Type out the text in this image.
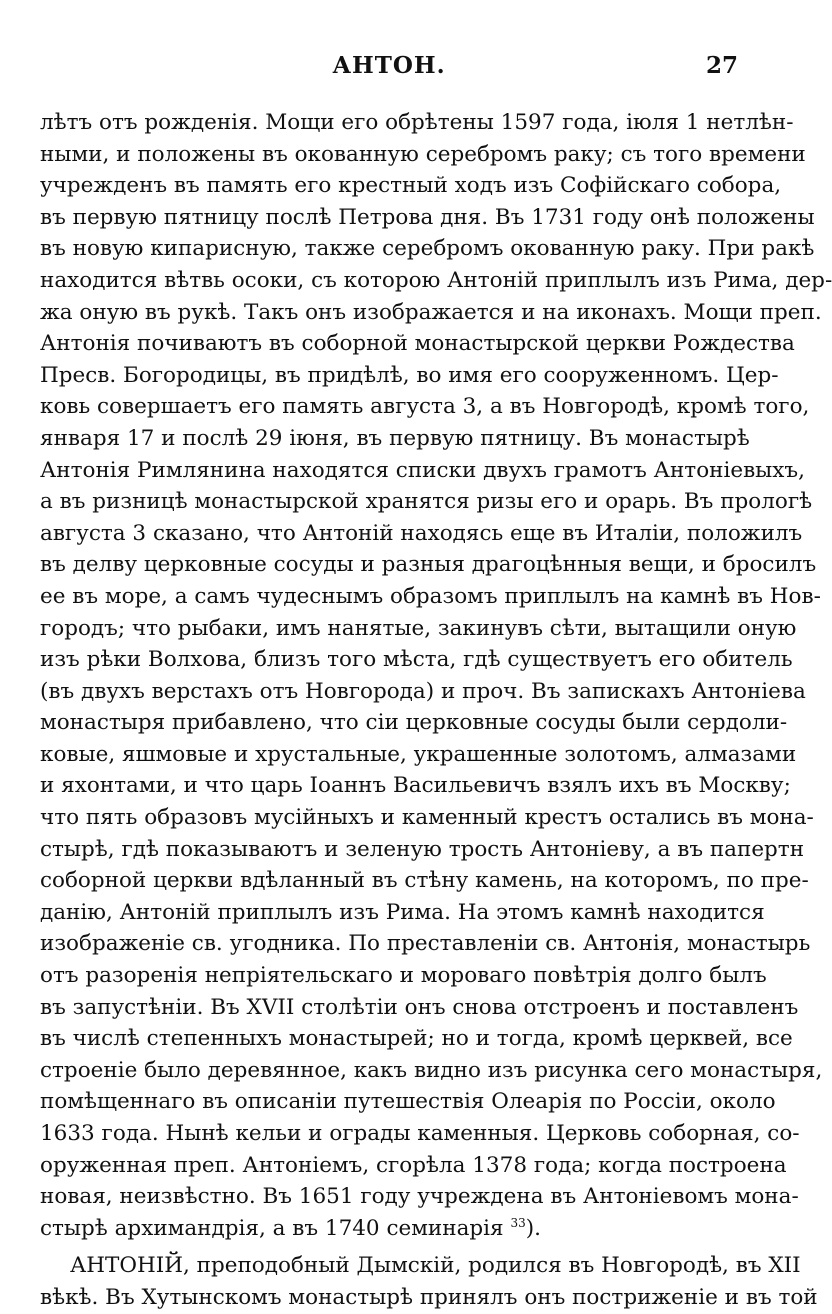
АНТОН.	27
лѣтъ отъ рожденія. Мощи его обрѣтены 1597 года, іюля 1 нетлѣн-
ными, и положены въ окованную серебромъ раку; съ того времени
учрежденъ въ память его крестный ходъ изъ Софійскаго собора,
въ первую пятницу послѣ Петрова дня. Въ 1731 году онѣ положены
въ новую кипарисную, также серебромъ окованную раку. При ракѣ
находится вѣтвь осоки, съ которою Антоній приплылъ изъ Рима, дер-
жа оную въ рукѣ. Такъ онъ изображается и на иконахъ. Мощи преп.
Антонія почиваютъ въ соборной монастырской церкви Рождества
Пресв. Богородицы, въ придѣлѣ, во имя его сооруженномъ. Цер-
ковь совершаетъ его память августа 3, а въ Новгородѣ, кромѣ того,
января 17 и послѣ 29 іюня, въ первую пятницу. Въ монастырѣ
Антонія Римлянина находятся списки двухъ грамотъ Антоніевыхъ,
а въ ризницѣ монастырской хранятся ризы его и орарь. Въ прологѣ
августа 3 сказано, что Антоній находясь еще въ Италіи, положилъ
въ делву церковные сосуды и разныя драгоцѣнныя вещи, и бросилъ
ее въ море, а самъ чудеснымъ образомъ приплылъ на камнѣ въ Нов-
городъ; что рыбаки, имъ нанятые, закинувъ сѣти, вытащили оную
изъ рѣки Волхова, близъ того мѣста, гдѣ существуетъ его обитель
(въ двухъ верстахъ отъ Новгорода) и проч. Въ запискахъ Антоніева
монастыря прибавлено, что сіи церковные сосуды были сердоли-
ковые, яшмовые и хрустальные, украшенные золотомъ, алмазами
и яхонтами, и что царь Іоаннъ Васильевичъ взялъ ихъ въ Москву;
что пять образовъ мусійныхъ и каменный крестъ остались въ мона-
стырѣ, гдѣ показываютъ и зеленую трость Антоніеву, а въ папертн
соборной церкви вдѣланный въ стѣну камень, на которомъ, по пре-
данію, Антоній приплылъ изъ Рима. На этомъ камнѣ находится
изображеніе св. угодника. По преставленіи св. Антонія, монастырь
отъ разоренія непріятельскаго и мороваго повѣтрія долго былъ
въ запустѣніи. Въ XVII столѣтіи онъ снова отстроенъ и поставленъ
въ числѣ степенныхъ монастырей; но и тогда, кромѣ церквей, все
строеніе было деревянное, какъ видно изъ рисунка сего монастыря,
помѣщеннаго въ описаніи путешествія Олеарія по Россіи, около
1633 года. Нынѣ кельи и ограды каменныя. Церковь соборная, со-
оруженная преп. Антоніемъ, сгорѣла 1378 года; когда построена
новая, неизвѣстно. Въ 1651 году учреждена въ Антоніевомъ мона-
стырѣ архимандрія, а въ 1740 семинарія $^{33}$).
АНТОНІЙ, преподобный Дымскій, родился въ Новгородѣ, въ XII
вѣкѣ. Въ Хутынскомъ монастырѣ принялъ онъ постриженіе и въ той
